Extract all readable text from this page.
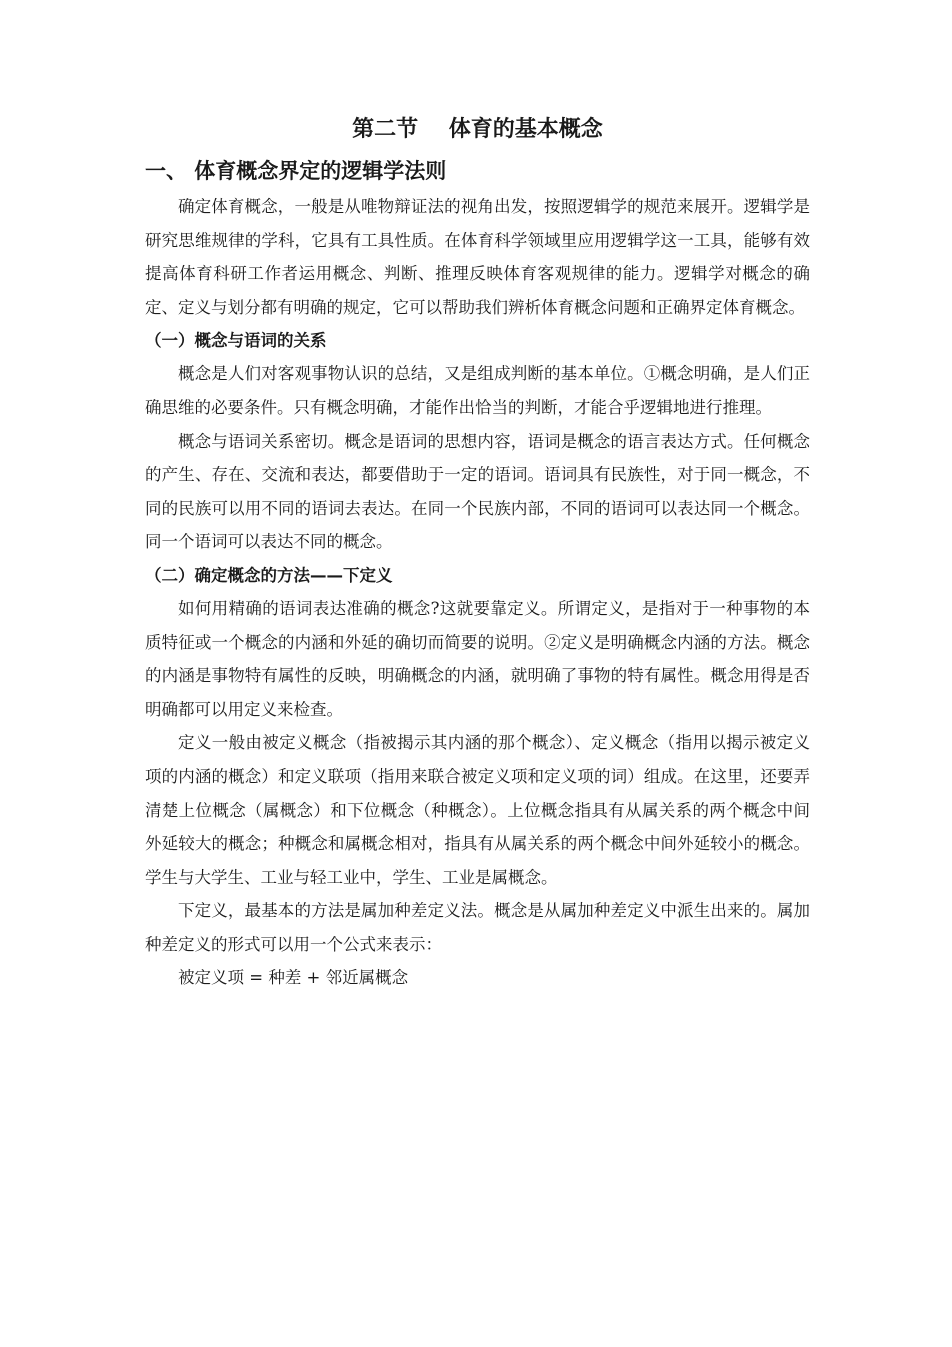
第二节    体育的基本概念
一、 体育概念界定的逻辑学法则

确定体育概念，一般是从唯物辩证法的视角出发，按照逻辑学的规范来展开。逻辑学是研究思维规律的学科，它具有工具性质。在体育科学领域里应用逻辑学这一工具，能够有效提高体育科研工作者运用概念、判断、推理反映体育客观规律的能力。逻辑学对概念的确定、定义与划分都有明确的规定，它可以帮助我们辨析体育概念问题和正确界定体育概念。

（一）概念与语词的关系

概念是人们对客观事物认识的总结，又是组成判断的基本单位。①概念明确，是人们正确思维的必要条件。只有概念明确，才能作出恰当的判断，才能合乎逻辑地进行推理。

概念与语词关系密切。概念是语词的思想内容，语词是概念的语言表达方式。任何概念的产生、存在、交流和表达，都要借助于一定的语词。语词具有民族性，对于同一概念，不同的民族可以用不同的语词去表达。在同一个民族内部，不同的语词可以表达同一个概念。同一个语词可以表达不同的概念。

（二）确定概念的方法——下定义

如何用精确的语词表达准确的概念?这就要靠定义。所谓定义，是指对于一种事物的本质特征或一个概念的内涵和外延的确切而简要的说明。②定义是明确概念内涵的方法。概念的内涵是事物特有属性的反映，明确概念的内涵，就明确了事物的特有属性。概念用得是否明确都可以用定义来检查。

定义一般由被定义概念（指被揭示其内涵的那个概念）、定义概念（指用以揭示被定义项的内涵的概念）和定义联项（指用来联合被定义项和定义项的词）组成。在这里，还要弄清楚上位概念（属概念）和下位概念（种概念）。上位概念指具有从属关系的两个概念中间外延较大的概念；种概念和属概念相对，指具有从属关系的两个概念中间外延较小的概念。学生与大学生、工业与轻工业中，学生、工业是属概念。

下定义，最基本的方法是属加种差定义法。概念是从属加种差定义中派生出来的。属加种差定义的形式可以用一个公式来表示：

被定义项 = 种差 + 邻近属概念
